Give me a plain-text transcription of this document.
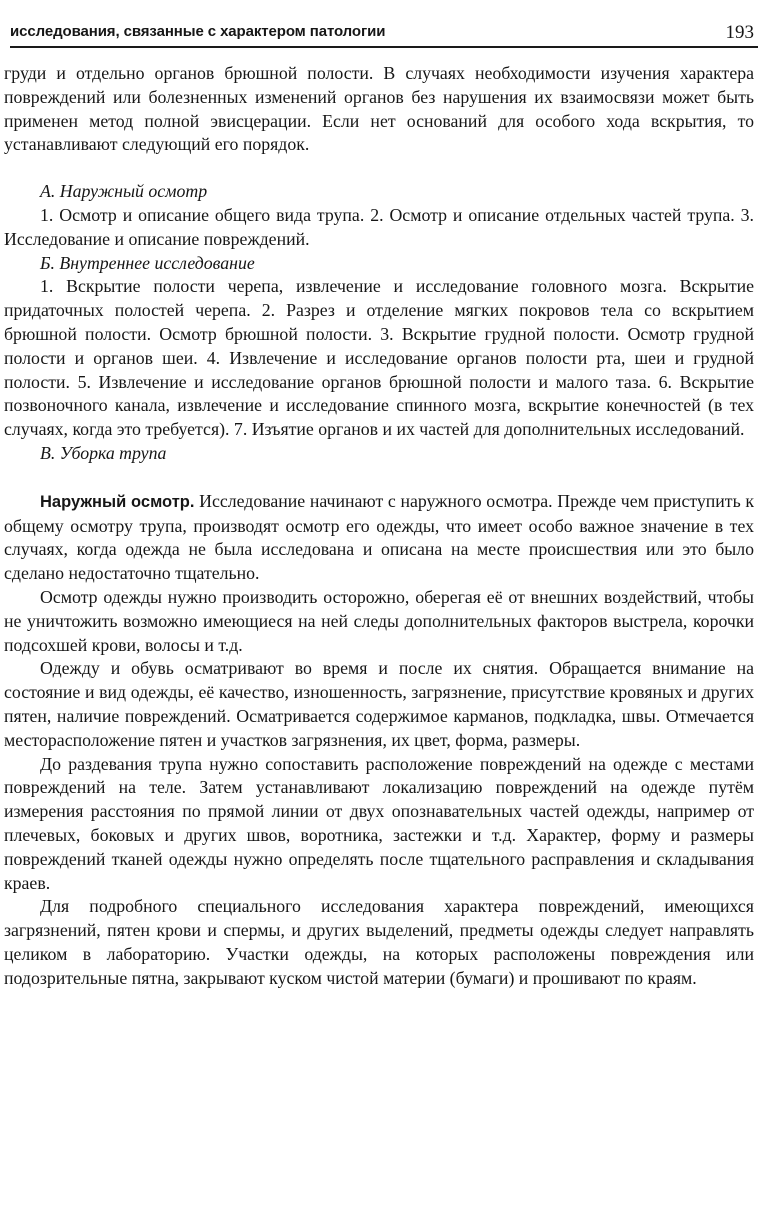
исследования, связанные с характером патологии	193

груди и отдельно органов брюшной полости. В случаях необходимости изучения характера повреждений или болезненных изменений органов без нарушения их взаимосвязи может быть применен метод полной эвисцерации. Если нет оснований для особого хода вскрытия, то устанавливают следующий его порядок.

А. Наружный осмотр

1. Осмотр и описание общего вида трупа. 2. Осмотр и описание отдельных частей трупа. 3. Исследование и описание повреждений.

Б. Внутреннее исследование

1. Вскрытие полости черепа, извлечение и исследование головного мозга. Вскрытие придаточных полостей черепа. 2. Разрез и отделение мягких покровов тела со вскрытием брюшной полости. Осмотр брюшной полости. 3. Вскрытие грудной полости. Осмотр грудной полости и органов шеи. 4. Извлечение и исследование органов полости рта, шеи и грудной полости. 5. Извлечение и исследование органов брюшной полости и малого таза. 6. Вскрытие позвоночного канала, извлечение и исследование спинного мозга, вскрытие конечностей (в тех случаях, когда это требуется). 7. Изъятие органов и их частей для дополнительных исследований.

В. Уборка трупа

Наружный осмотр. Исследование начинают с наружного осмотра. Прежде чем приступить к общему осмотру трупа, производят осмотр его одежды, что имеет особо важное значение в тех случаях, когда одежда не была исследована и описана на месте происшествия или это было сделано недостаточно тщательно.

Осмотр одежды нужно производить осторожно, оберегая её от внешних воздействий, чтобы не уничтожить возможно имеющиеся на ней следы дополнительных факторов выстрела, корочки подсохшей крови, волосы и т.д.

Одежду и обувь осматривают во время и после их снятия. Обращается внимание на состояние и вид одежды, её качество, изношенность, загрязнение, присутствие кровяных и других пятен, наличие повреждений. Осматривается содержимое карманов, подкладка, швы. Отмечается месторасположение пятен и участков загрязнения, их цвет, форма, размеры.

До раздевания трупа нужно сопоставить расположение повреждений на одежде с местами повреждений на теле. Затем устанавливают локализацию повреждений на одежде путём измерения расстояния по прямой линии от двух опознавательных частей одежды, например от плечевых, боковых и других швов, воротника, застежки и т.д. Характер, форму и размеры повреждений тканей одежды нужно определять после тщательного расправления и складывания краев.

Для подробного специального исследования характера повреждений, имеющихся загрязнений, пятен крови и спермы, и других выделений, предметы одежды следует направлять целиком в лабораторию. Участки одежды, на которых расположены повреждения или подозрительные пятна, закрывают куском чистой материи (бумаги) и прошивают по краям.
